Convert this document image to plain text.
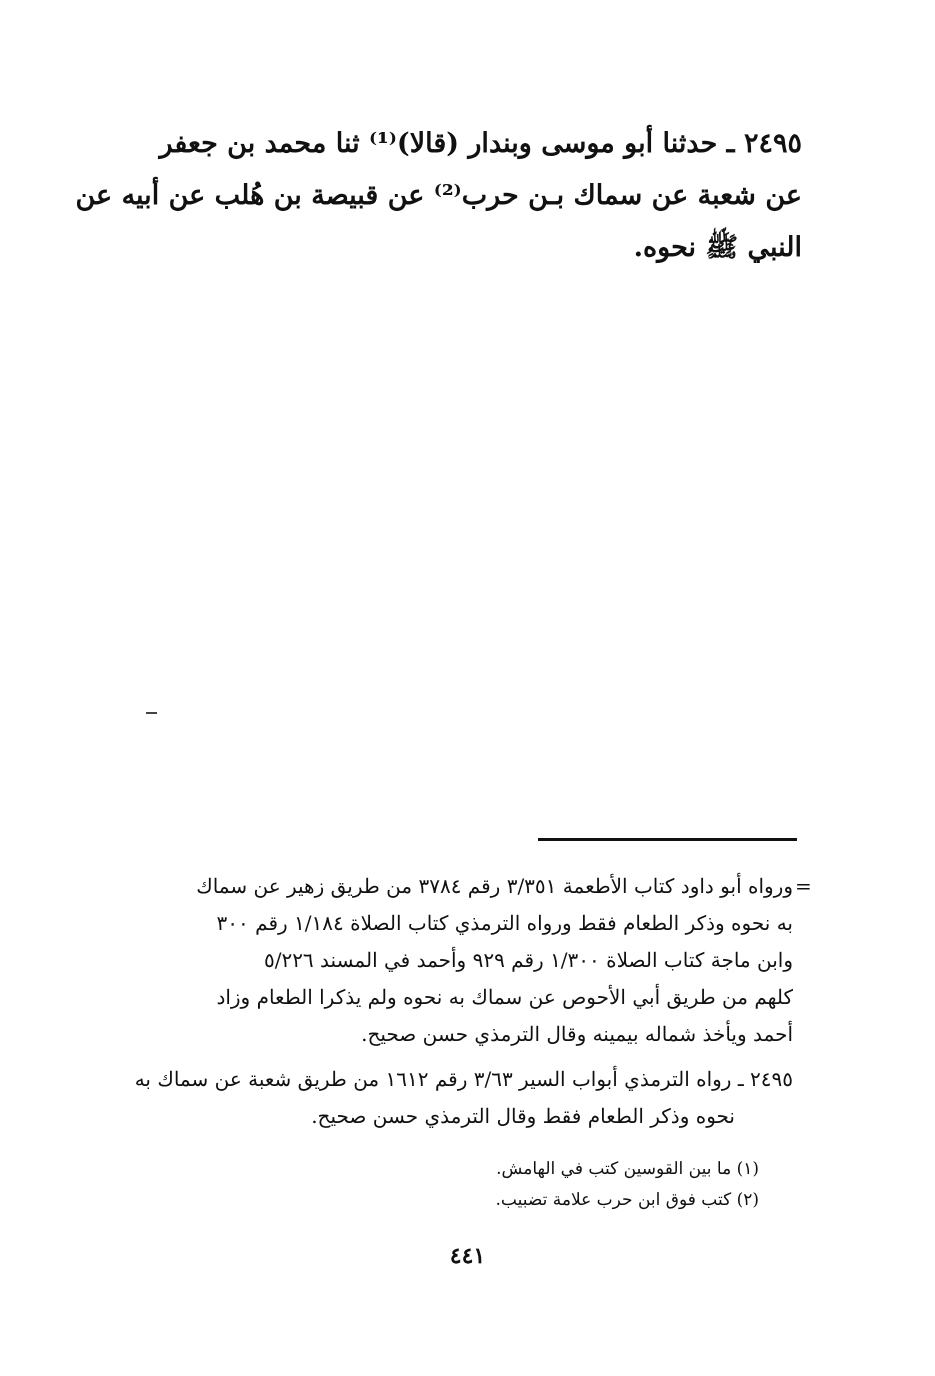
٢٤٩٥ ـ حدثنا أبو موسى وبندار (قالا)⁽¹⁾ ثنا محمد بن جعفر
عن شعبة عن سماك بـن حرب⁽²⁾ عن قبيصة بن هُلب عن أبيه عن
النبي ﷺ نحوه.
=
ورواه أبو داود كتاب الأطعمة ٣/٣٥١ رقم ٣٧٨٤ من طريق زهير عن سماك
به نحوه وذكر الطعام فقط ورواه الترمذي كتاب الصلاة ١/١٨٤ رقم ٣٠٠
وابن ماجة كتاب الصلاة ١/٣٠٠ رقم ٩٢٩ وأحمد في المسند ٥/٢٢٦
كلهم من طريق أبي الأحوص عن سماك به نحوه ولم يذكرا الطعام وزاد
أحمد ويأخذ شماله بيمينه وقال الترمذي حسن صحيح.
٢٤٩٥ ـ رواه الترمذي أبواب السير ٣/٦٣ رقم ١٦١٢ من طريق شعبة عن سماك به
نحوه وذكر الطعام فقط وقال الترمذي حسن صحيح.
(١) ما بين القوسين كتب في الهامش.
(٢) كتب فوق ابن حرب علامة تضبيب.
٤٤١
